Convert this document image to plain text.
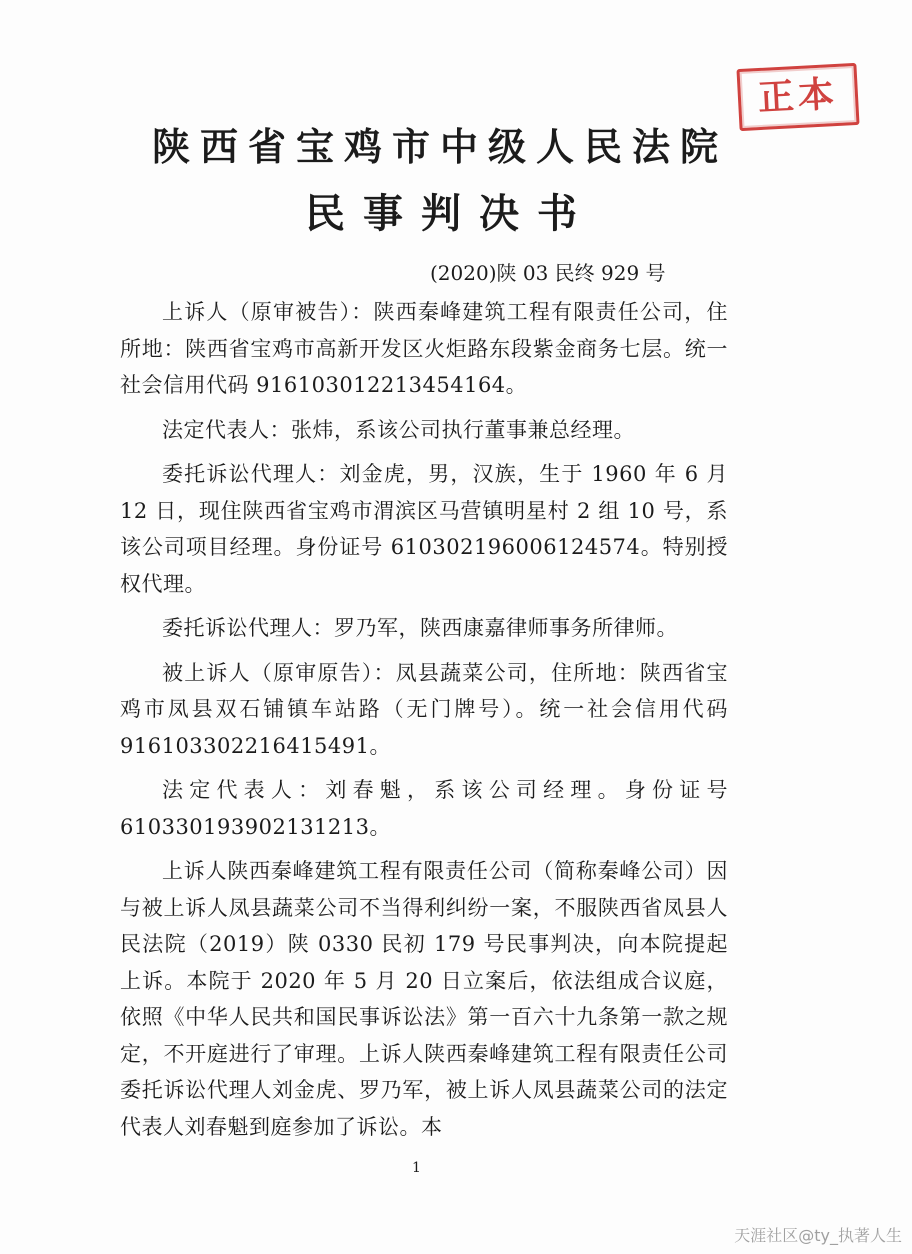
正本
陕西省宝鸡市中级人民法院
民事判决书
(2020)陕 03 民终 929 号

上诉人（原审被告）：陕西秦峰建筑工程有限责任公司，住所地：陕西省宝鸡市高新开发区火炬路东段紫金商务七层。统一社会信用代码 916103012213454164。

法定代表人：张炜，系该公司执行董事兼总经理。

委托诉讼代理人：刘金虎，男，汉族，生于 1960 年 6 月 12 日，现住陕西省宝鸡市渭滨区马营镇明星村 2 组 10 号，系该公司项目经理。身份证号 610302196006124574。特别授权代理。

委托诉讼代理人：罗乃军，陕西康嘉律师事务所律师。

被上诉人（原审原告）：凤县蔬菜公司，住所地：陕西省宝鸡市凤县双石铺镇车站路（无门牌号）。统一社会信用代码 916103302216415491。

法定代表人：刘春魁，系该公司经理。身份证号 610330193902131213。

上诉人陕西秦峰建筑工程有限责任公司（简称秦峰公司）因与被上诉人凤县蔬菜公司不当得利纠纷一案，不服陕西省凤县人民法院（2019）陕 0330 民初 179 号民事判决，向本院提起上诉。本院于 2020 年 5 月 20 日立案后，依法组成合议庭，依照《中华人民共和国民事诉讼法》第一百六十九条第一款之规定，不开庭进行了审理。上诉人陕西秦峰建筑工程有限责任公司委托诉讼代理人刘金虎、罗乃军，被上诉人凤县蔬菜公司的法定代表人刘春魁到庭参加了诉讼。本

1
天涯社区@ty_执著人生
